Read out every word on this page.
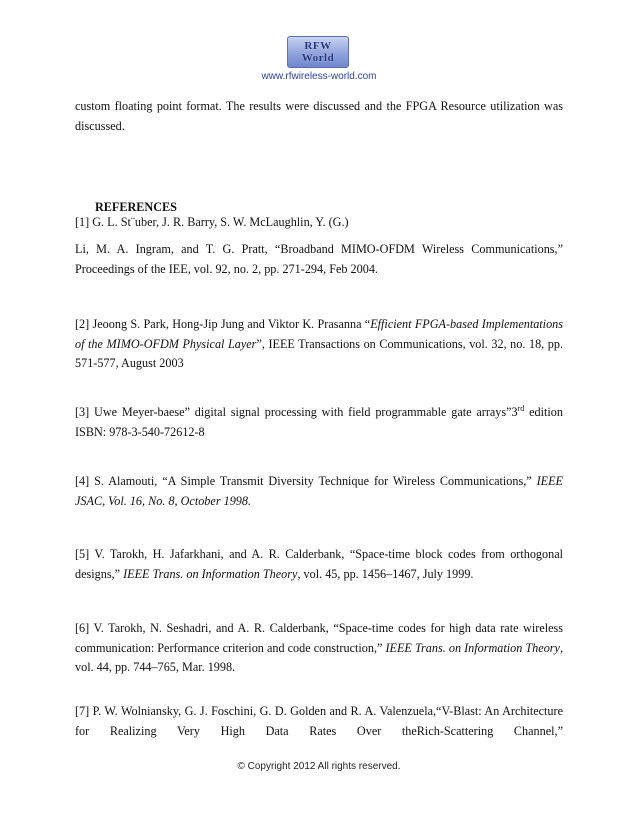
RFW
World
www.rfwireless-world.com
custom floating point format. The results were discussed and the FPGA Resource utilization was discussed.
REFERENCES
[1] G. L. St¨uber, J. R. Barry, S. W. McLaughlin, Y. (G.)
Li, M. A. Ingram, and T. G. Pratt, “Broadband MIMO-OFDM Wireless Communications,” Proceedings of the IEE, vol. 92, no. 2, pp. 271-294, Feb 2004.
[2] Jeoong S. Park, Hong-Jip Jung and Viktor K. Prasanna “Efficient FPGA-based Implementations of the MIMO-OFDM Physical Layer”, IEEE Transactions on Communications, vol. 32, no. 18, pp. 571-577, August 2003
[3] Uwe Meyer-baese” digital signal processing with field programmable gate arrays”3rd edition ISBN: 978-3-540-72612-8
[4] S. Alamouti, “A Simple Transmit Diversity Technique for Wireless Communications,” IEEE JSAC, Vol. 16, No. 8, October 1998.
[5] V. Tarokh, H. Jafarkhani, and A. R. Calderbank, “Space-time block codes from orthogonal designs,” IEEE Trans. on Information Theory, vol. 45, pp. 1456–1467, July 1999.
[6] V. Tarokh, N. Seshadri, and A. R. Calderbank, “Space-time codes for high data rate wireless communication: Performance criterion and code construction,” IEEE Trans. on Information Theory, vol. 44, pp. 744–765, Mar. 1998.
[7] P. W. Wolniansky, G. J. Foschini, G. D. Golden and R. A. Valenzuela,“V-Blast: An Architecture for Realizing Very High Data Rates Over theRich-Scattering Channel,”
© Copyright 2012 All rights reserved.
